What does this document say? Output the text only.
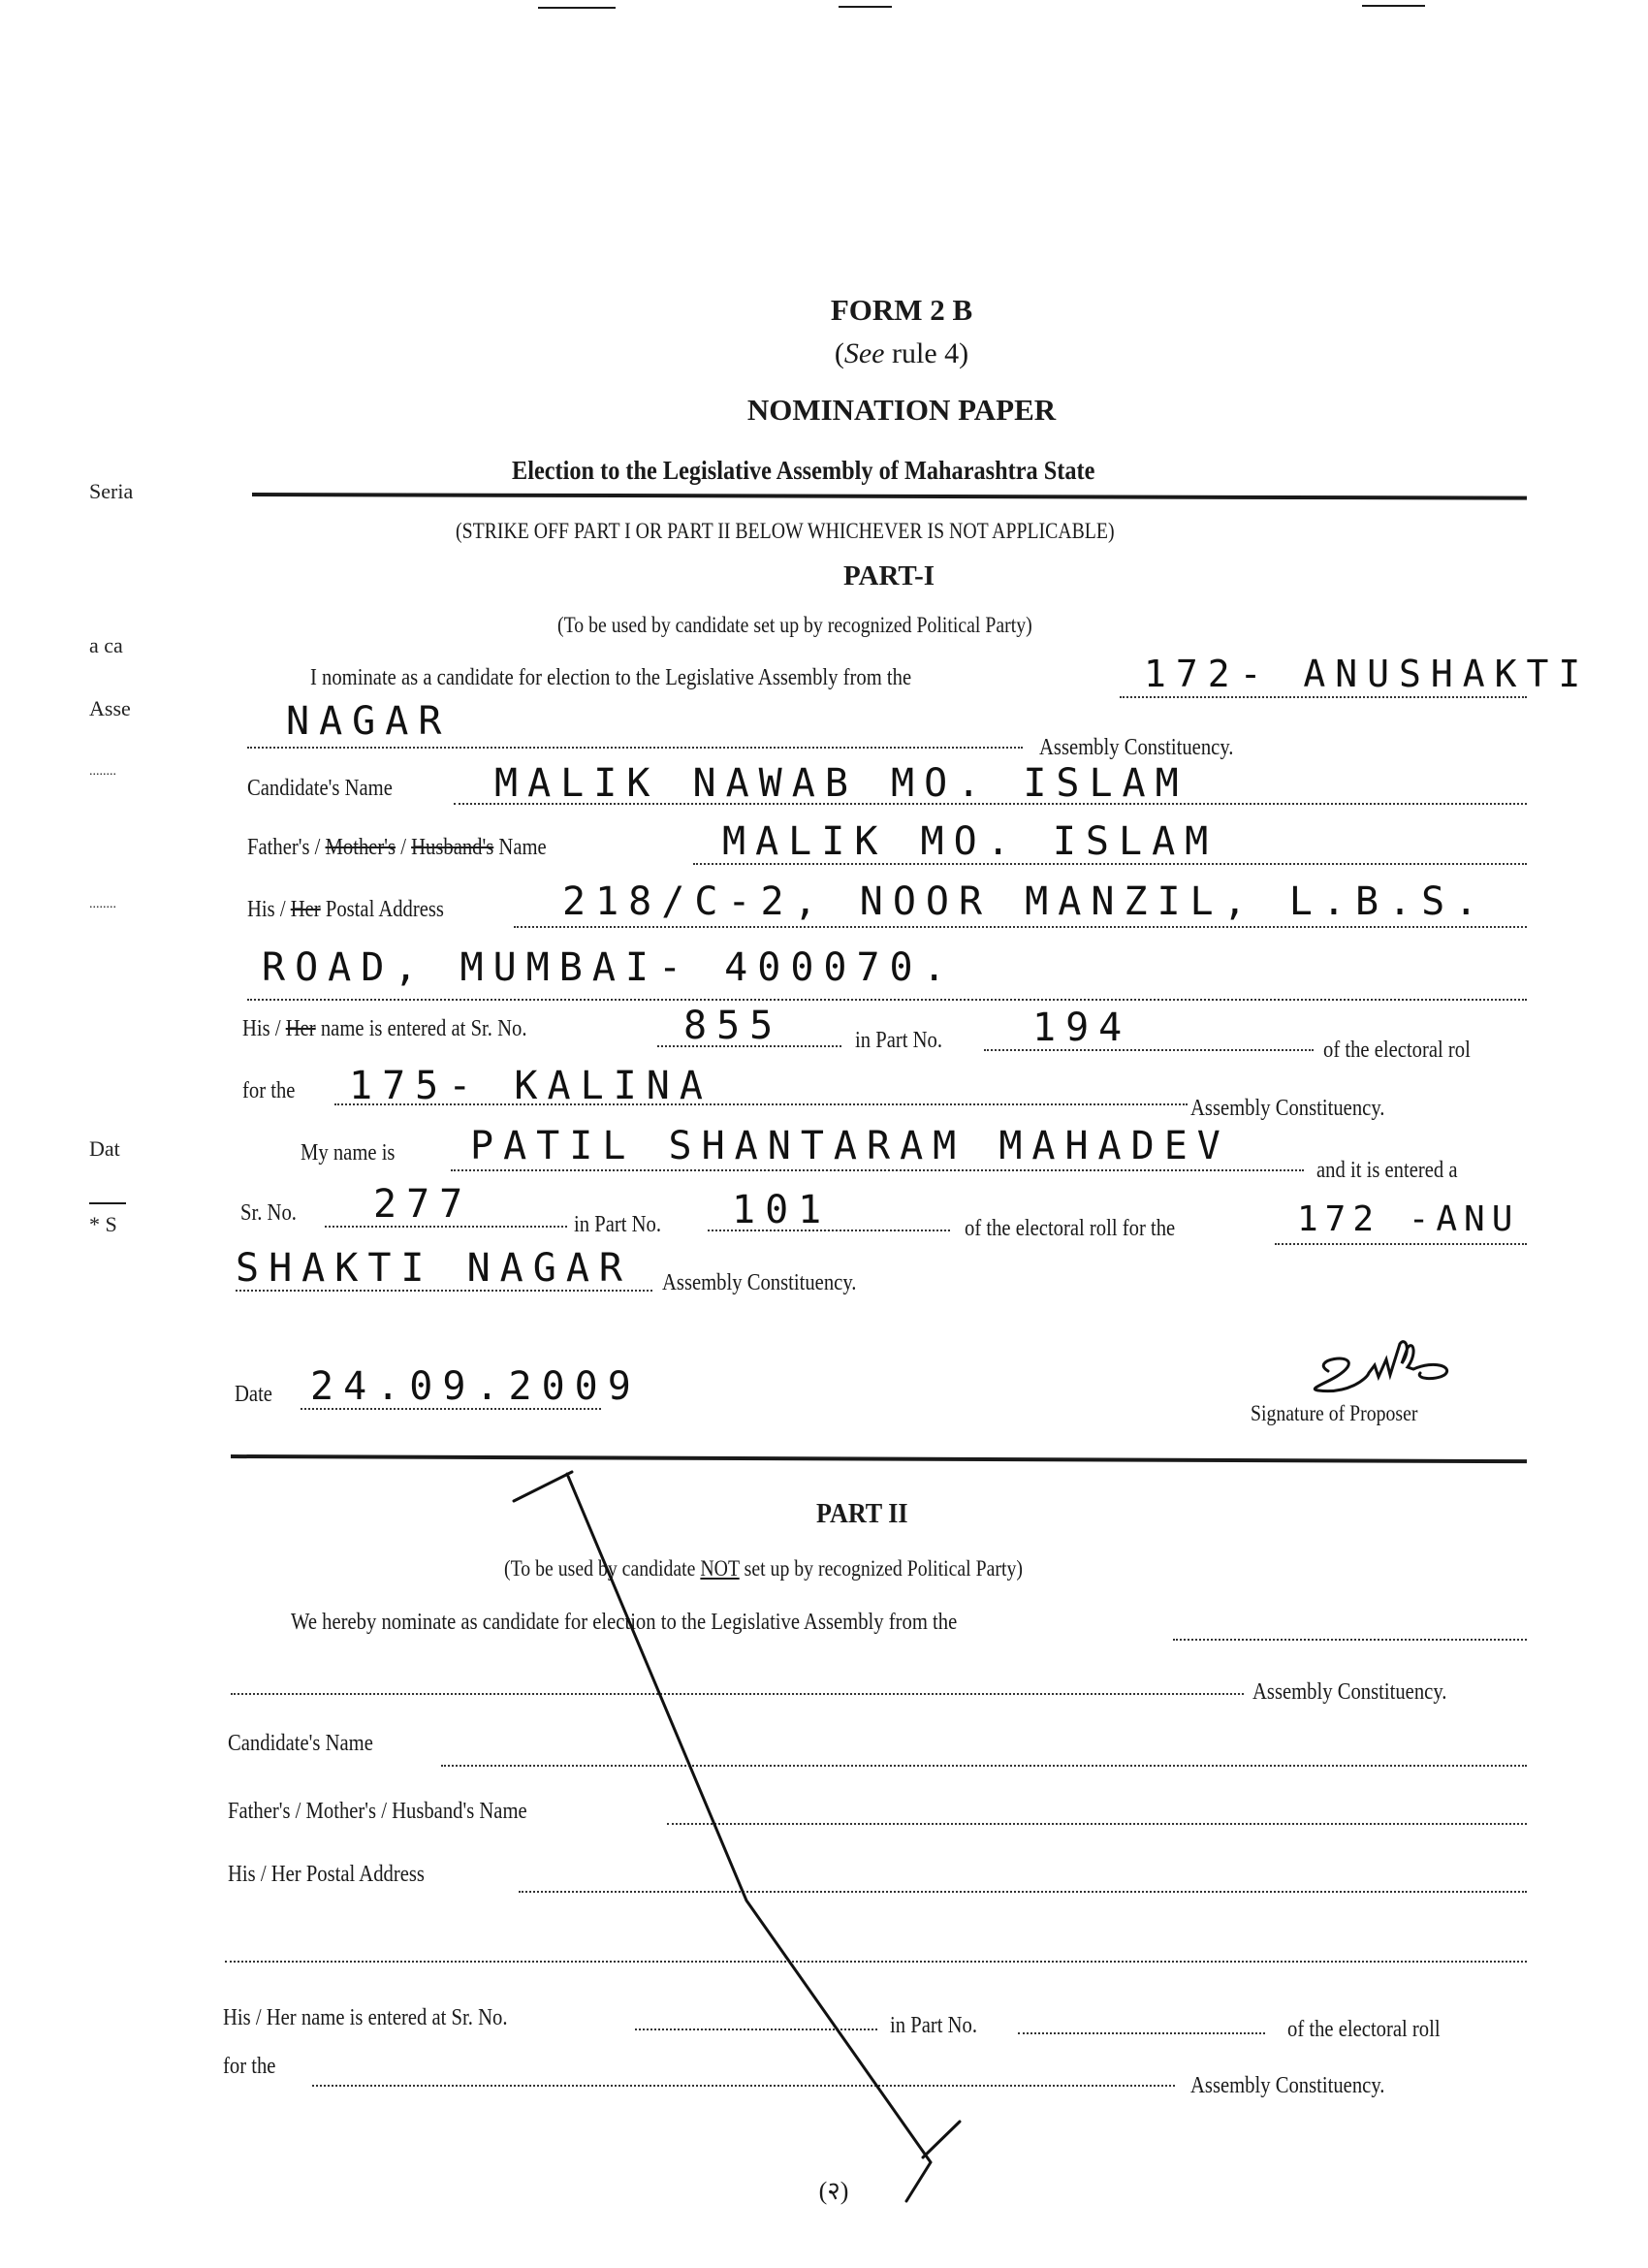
Seria
a ca
Asse
........
........
Dat
* S
FORM 2 B
(See rule 4)
NOMINATION PAPER
Election to the Legislative Assembly of Maharashtra State
(STRIKE OFF PART I OR PART II BELOW WHICHEVER IS NOT APPLICABLE)
PART-I
(To be used by candidate set up by recognized Political Party)
I nominate as a candidate for election to the Legislative Assembly from the	172- ANUSHAKTI
NAGAR
Assembly Constituency.
Candidate's Name	MALIK NAWAB MO. ISLAM
Father's / Mother's / Husband's Name	MALIK MO. ISLAM
His / Her Postal Address	218/C-2, NOOR MANZIL, L.B.S.
ROAD, MUMBAI- 400070.
His / Her name is entered at Sr. No.	855	in Part No. 194	of the electoral rol
for the 175- KALINA	Assembly Constituency.
My name is PATIL SHANTARAM MAHADEV
and it is entered a
Sr. No. 277	in Part No. 101	of the electoral roll for the	172 -ANU
SHAKTI NAGAR Assembly Constituency.
Date 24.09.2009
Signature of Proposer
PART II
(To be used by candidate NOT set up by recognized Political Party)
We hereby nominate as candidate for election to the Legislative Assembly from the
Assembly Constituency.
Candidate's Name
Father's / Mother's / Husband's Name
His / Her Postal Address
His / Her name is entered at Sr. No.	in Part No.	of the electoral roll
for the
Assembly Constituency.
(२)
